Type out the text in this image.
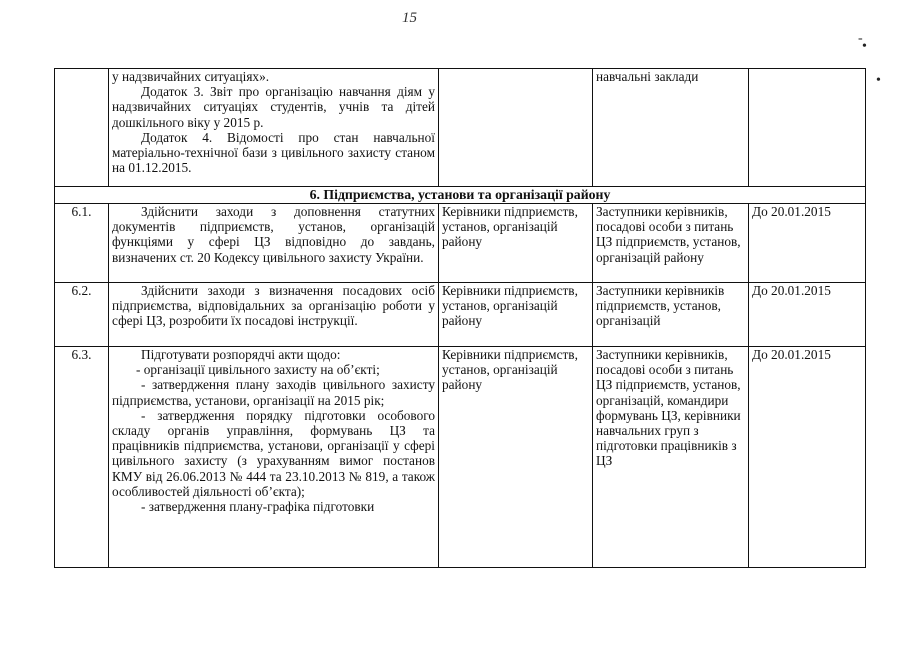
15
-
•
•

	у надзвичайних ситуаціях».

Додаток 3. Звіт про організацію навчання діям у надзвичайних ситуаціях студентів, учнів та дітей дошкільного віку у 2015 р.

Додаток 4. Відомості про стан навчальної матеріально-технічної бази з цивільного захисту станом на 01.12.2015.		навчальні заклади	
6. Підприємства, установи та організації району				
6.1.	Здійснити заходи з доповнення статутних документів підприємств, установ, організацій функціями у сфері ЦЗ відповідно до завдань, визначених ст. 20 Кодексу цивільного захисту України.	Керівники підприємств, установ, організацій району	Заступники керівників, посадові особи з питань ЦЗ підприємств, установ, організацій району	До 20.01.2015
6.2.	Здійснити заходи з визначення посадових осіб підприємства, відповідальних за організацію роботи у сфері ЦЗ, розробити їх посадові інструкції.	Керівники підприємств, установ, організацій району	Заступники керівників підприємств, установ, організацій	До 20.01.2015
6.3.	Підготувати розпорядчі акти щодо:

- організації цивільного захисту на об’єкті;

- затвердження плану заходів цивільного захисту підприємства, установи, організації на 2015 рік;

- затвердження порядку підготовки особового складу органів управління, формувань ЦЗ та працівників підприємства, установи, організації у сфері цивільного захисту (з урахуванням вимог постанов КМУ від 26.06.2013 № 444 та 23.10.2013 № 819, а також особливостей діяльності об’єкта);

- затвердження плану-графіка підготовки	Керівники підприємств, установ, організацій району	Заступники керівників, посадові особи з питань ЦЗ підприємств, установ, організацій, командири формувань ЦЗ, керівники навчальних груп з підготовки працівників з ЦЗ	До 20.01.2015
